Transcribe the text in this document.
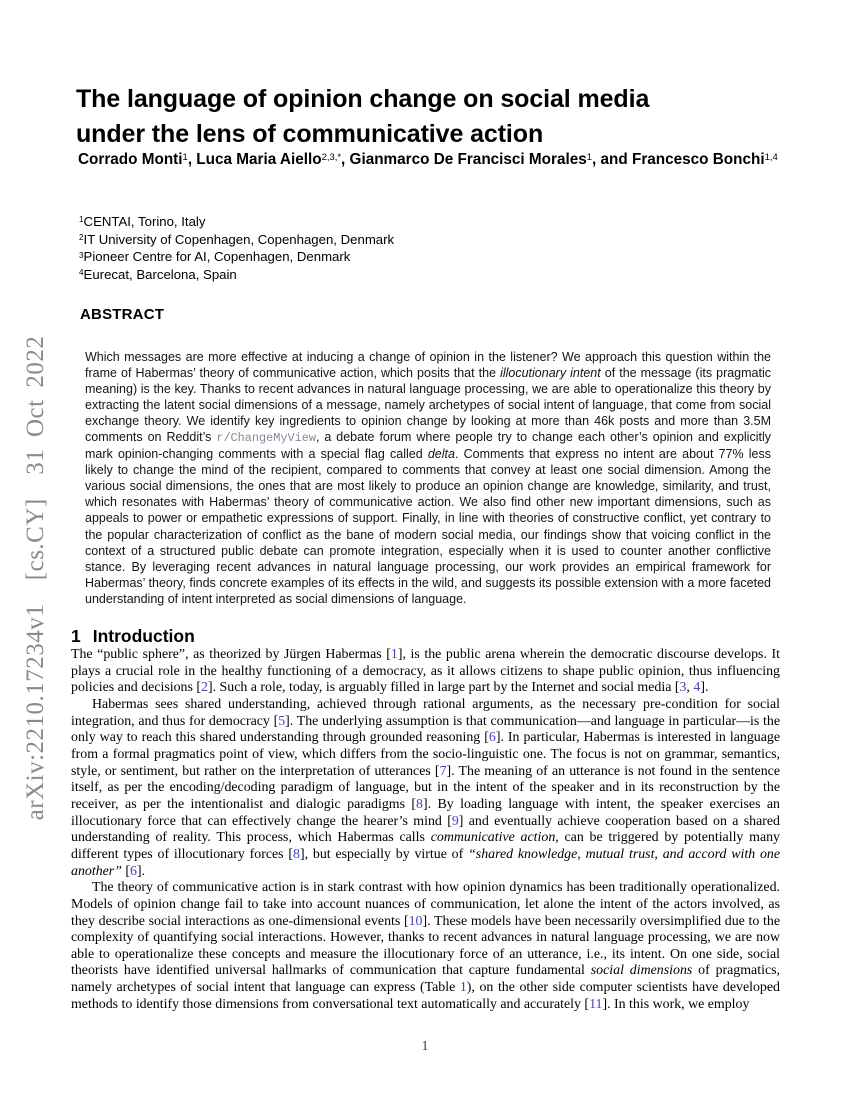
arXiv:2210.17234v1  [cs.CY]  31 Oct 2022
The language of opinion change on social media
under the lens of communicative action
Corrado Monti$^1$, Luca Maria Aiello$^{2,3,*}$, Gianmarco De Francisci Morales$^1$, and Francesco Bonchi$^{1,4}$
$^1$CENTAI, Torino, Italy
$^2$IT University of Copenhagen, Copenhagen, Denmark
$^3$Pioneer Centre for AI, Copenhagen, Denmark
$^4$Eurecat, Barcelona, Spain
ABSTRACT
Which messages are more effective at inducing a change of opinion in the listener? We approach this question within the frame of Habermas’ theory of communicative action, which posits that the illocutionary intent of the message (its pragmatic meaning) is the key. Thanks to recent advances in natural language processing, we are able to operationalize this theory by extracting the latent social dimensions of a message, namely archetypes of social intent of language, that come from social exchange theory. We identify key ingredients to opinion change by looking at more than 46k posts and more than 3.5M comments on Reddit’s r/ChangeMyView, a debate forum where people try to change each other’s opinion and explicitly mark opinion-changing comments with a special flag called delta. Comments that express no intent are about 77% less likely to change the mind of the recipient, compared to comments that convey at least one social dimension. Among the various social dimensions, the ones that are most likely to produce an opinion change are knowledge, similarity, and trust, which resonates with Habermas’ theory of communicative action. We also find other new important dimensions, such as appeals to power or empathetic expressions of support. Finally, in line with theories of constructive conflict, yet contrary to the popular characterization of conflict as the bane of modern social media, our findings show that voicing conflict in the context of a structured public debate can promote integration, especially when it is used to counter another conflictive stance. By leveraging recent advances in natural language processing, our work provides an empirical framework for Habermas’ theory, finds concrete examples of its effects in the wild, and suggests its possible extension with a more faceted understanding of intent interpreted as social dimensions of language.
1 Introduction

The “public sphere”, as theorized by Jürgen Habermas [1], is the public arena wherein the democratic discourse develops. It plays a crucial role in the healthy functioning of a democracy, as it allows citizens to shape public opinion, thus influencing policies and decisions [2]. Such a role, today, is arguably filled in large part by the Internet and social media [3, 4].

Habermas sees shared understanding, achieved through rational arguments, as the necessary pre-condition for social integration, and thus for democracy [5]. The underlying assumption is that communication—and language in particular—is the only way to reach this shared understanding through grounded reasoning [6]. In particular, Habermas is interested in language from a formal pragmatics point of view, which differs from the socio-linguistic one. The focus is not on grammar, semantics, style, or sentiment, but rather on the interpretation of utterances [7]. The meaning of an utterance is not found in the sentence itself, as per the encoding/decoding paradigm of language, but in the intent of the speaker and in its reconstruction by the receiver, as per the intentionalist and dialogic paradigms [8]. By loading language with intent, the speaker exercises an illocutionary force that can effectively change the hearer’s mind [9] and eventually achieve cooperation based on a shared understanding of reality. This process, which Habermas calls communicative action, can be triggered by potentially many different types of illocutionary forces [8], but especially by virtue of “shared knowledge, mutual trust, and accord with one another” [6].

The theory of communicative action is in stark contrast with how opinion dynamics has been traditionally operationalized. Models of opinion change fail to take into account nuances of communication, let alone the intent of the actors involved, as they describe social interactions as one-dimensional events [10]. These models have been necessarily oversimplified due to the complexity of quantifying social interactions. However, thanks to recent advances in natural language processing, we are now able to operationalize these concepts and measure the illocutionary force of an utterance, i.e., its intent. On one side, social theorists have identified universal hallmarks of communication that capture fundamental social dimensions of pragmatics, namely archetypes of social intent that language can express (Table 1), on the other side computer scientists have developed methods to identify those dimensions from conversational text automatically and accurately [11]. In this work, we employ

1
